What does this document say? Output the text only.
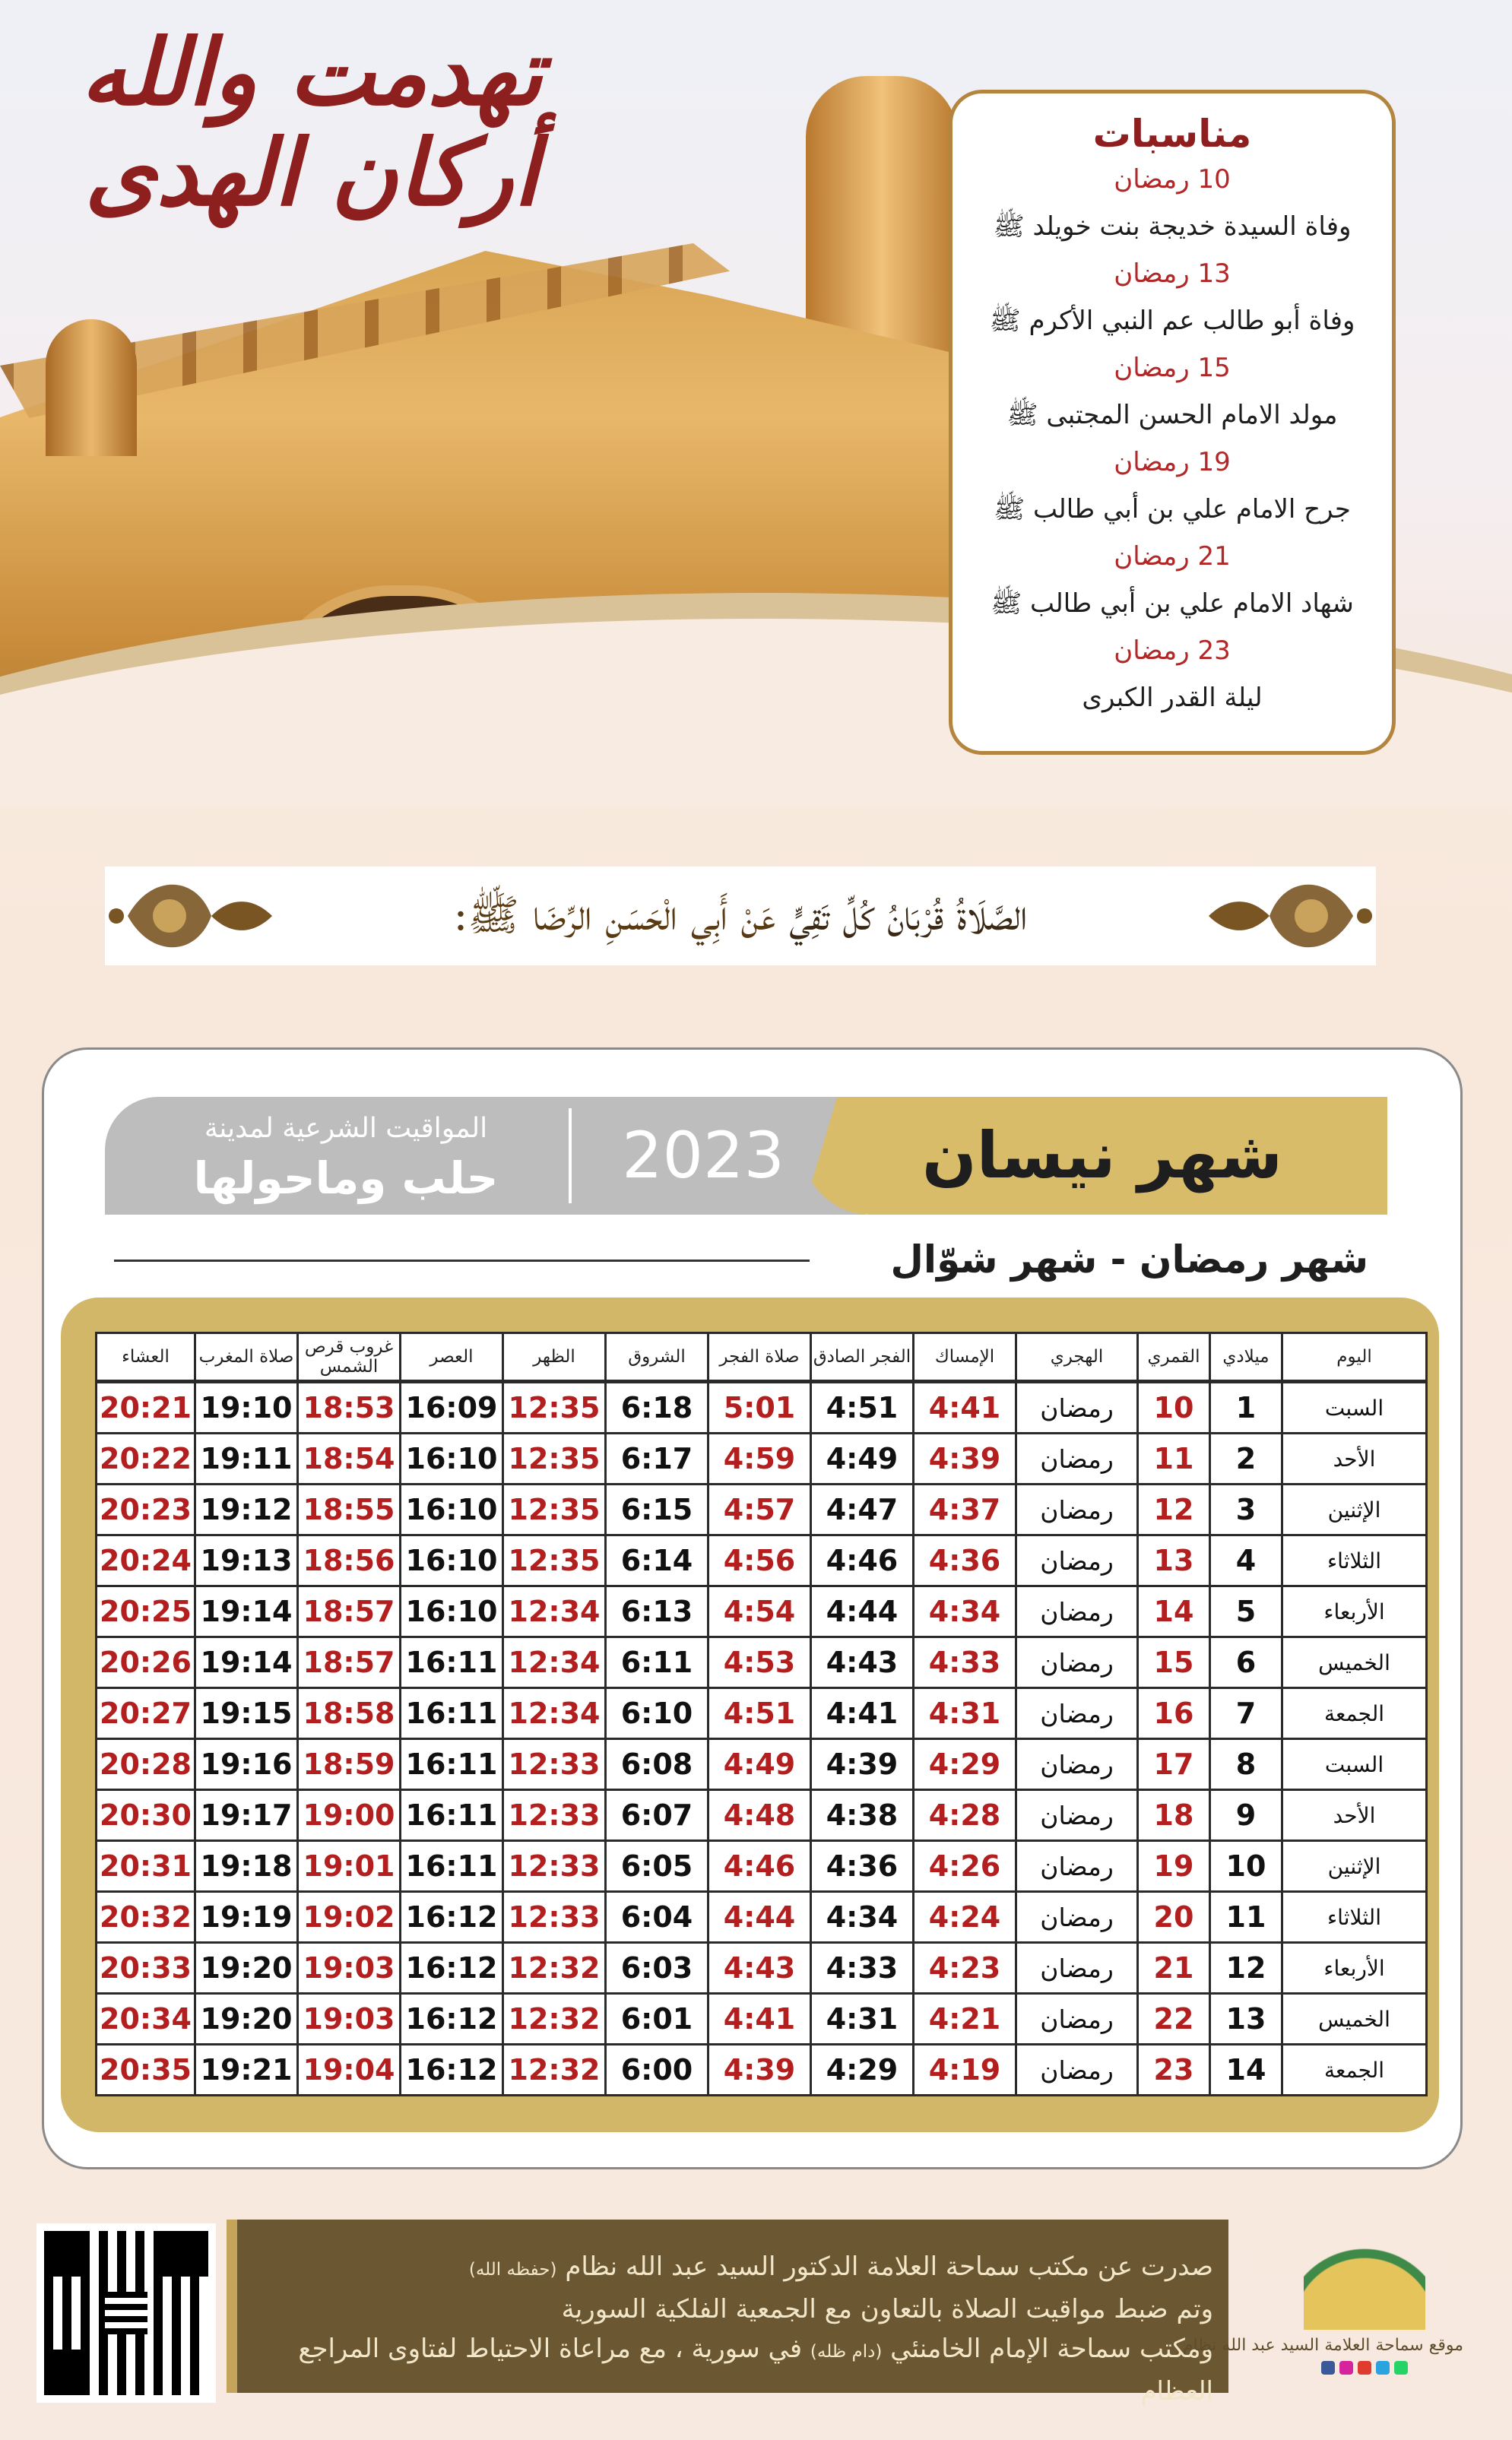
تهدمت والله أركان الهدى	مناسبات
10 رمضان
وفاة السيدة خديجة بنت خويلد ﷺ
13 رمضان
وفاة أبو طالب عم النبي الأكرم ﷺ
15 رمضان
مولد الامام الحسن المجتبى ﷺ
19 رمضان
جرح الامام علي بن أبي طالب ﷺ
21 رمضان
شهاد الامام علي بن أبي طالب ﷺ
23 رمضان
ليلة القدر الكبرى
الصَّلَاةُ قُرْبَانُ كُلِّ تَقِيٍّ عَنْ أَبِي الْحَسَنِ الرِّضَا ﷺ:
شهر نيسان
2023
المواقيت الشرعية لمدينة
حلب وماحولها
شهر رمضان - شهر شوّال
اليوم	ميلادي	القمري	الهجري	الإمساك	الفجر الصادق	صلاة الفجر	الشروق	الظهر	العصر	غروب قرص الشمس	صلاة المغرب	العشاء
السبت	1	10	رمضان	4:41	4:51	5:01	6:18	12:35	16:09	18:53	19:10	20:21
الأحد	2	11	رمضان	4:39	4:49	4:59	6:17	12:35	16:10	18:54	19:11	20:22
الإثنين	3	12	رمضان	4:37	4:47	4:57	6:15	12:35	16:10	18:55	19:12	20:23
الثلاثاء	4	13	رمضان	4:36	4:46	4:56	6:14	12:35	16:10	18:56	19:13	20:24
الأربعاء	5	14	رمضان	4:34	4:44	4:54	6:13	12:34	16:10	18:57	19:14	20:25
الخميس	6	15	رمضان	4:33	4:43	4:53	6:11	12:34	16:11	18:57	19:14	20:26
الجمعة	7	16	رمضان	4:31	4:41	4:51	6:10	12:34	16:11	18:58	19:15	20:27
السبت	8	17	رمضان	4:29	4:39	4:49	6:08	12:33	16:11	18:59	19:16	20:28
الأحد	9	18	رمضان	4:28	4:38	4:48	6:07	12:33	16:11	19:00	19:17	20:30
الإثنين	10	19	رمضان	4:26	4:36	4:46	6:05	12:33	16:11	19:01	19:18	20:31
الثلاثاء	11	20	رمضان	4:24	4:34	4:44	6:04	12:33	16:12	19:02	19:19	20:32
الأربعاء	12	21	رمضان	4:23	4:33	4:43	6:03	12:32	16:12	19:03	19:20	20:33
الخميس	13	22	رمضان	4:21	4:31	4:41	6:01	12:32	16:12	19:03	19:20	20:34
الجمعة	14	23	رمضان	4:19	4:29	4:39	6:00	12:32	16:12	19:04	19:21	20:35
صدرت عن مكتب سماحة العلامة الدكتور السيد عبد الله نظام (حفظه الله)
وتم ضبط مواقيت الصلاة بالتعاون مع الجمعية الفلكية السورية
ومكتب سماحة الإمام الخامنئي (دام ظله) في سورية ، مع مراعاة الاحتياط لفتاوى المراجع العظام
موقع سماحة العلامة السيد عبد الله نظام
